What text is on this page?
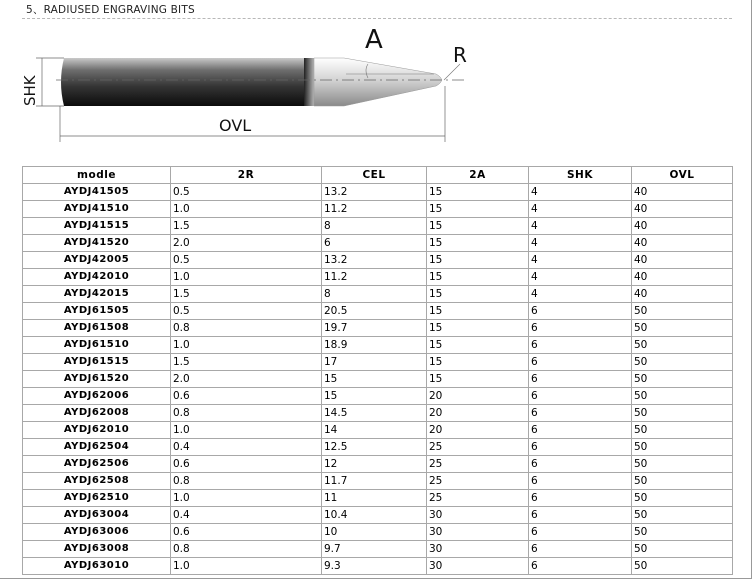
5、RADIUSED ENGRAVING BITS
A	R
SHK
OVL
modle	2R	CEL	2A	SHK	OVL
AYDJ41505	0.5	13.2	15	4	40
AYDJ41510	1.0	11.2	15	4	40
AYDJ41515	1.5	8	15	4	40
AYDJ41520	2.0	6	15	4	40
AYDJ42005	0.5	13.2	15	4	40
AYDJ42010	1.0	11.2	15	4	40
AYDJ42015	1.5	8	15	4	40
AYDJ61505	0.5	20.5	15	6	50
AYDJ61508	0.8	19.7	15	6	50
AYDJ61510	1.0	18.9	15	6	50
AYDJ61515	1.5	17	15	6	50
AYDJ61520	2.0	15	15	6	50
AYDJ62006	0.6	15	20	6	50
AYDJ62008	0.8	14.5	20	6	50
AYDJ62010	1.0	14	20	6	50
AYDJ62504	0.4	12.5	25	6	50
AYDJ62506	0.6	12	25	6	50
AYDJ62508	0.8	11.7	25	6	50
AYDJ62510	1.0	11	25	6	50
AYDJ63004	0.4	10.4	30	6	50
AYDJ63006	0.6	10	30	6	50
AYDJ63008	0.8	9.7	30	6	50
AYDJ63010	1.0	9.3	30	6	50
